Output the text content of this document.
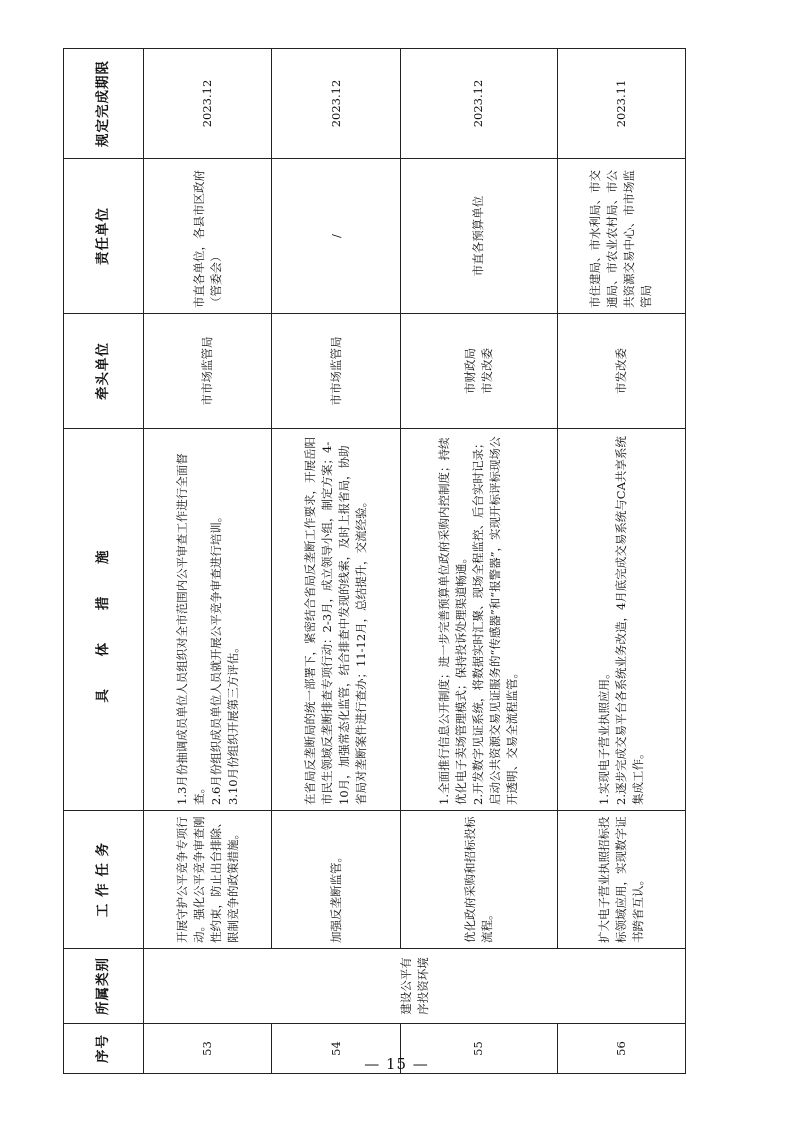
序号	所属类别	工 作 任 务	具 体 措 施	牵头单位	责任单位	规定完成期限
53	建设公平有序投资环境	开展守护公平竞争专项行动。强化公平竞争审查刚性约束，防止出台排除、限制竞争的政策措施。	1.3月份抽调成员单位人员组织对全市范围内公平审查工作进行全面督查。
2.6月份组织成员单位人员就开展公平竞争审查进行培训。
3.10月份组织开展第三方评估。	市市场监管局	市直各单位，各县市区政府（管委会）	2023.12
54		加强反垄断监管。	在省局反垄断局的统一部署下，紧密结合省局反垄断工作要求，开展岳阳市民生领域反垄断排查专项行动：2-3月，成立领导小组，制定方案；4-10月，加强常态化监管，结合排查中发现的线索，及时上报省局，协助省局对垄断案件进行查办；11-12月，总结提升，交流经验。	市市场监管局	/	2023.12
55		优化政府采购和招标投标流程。	1.全面推行信息公开制度；进一步完善预算单位政府采购内控制度；持续优化电子卖场管理模式；保持投诉处理渠道畅通。
2.开发数字见证系统，将数据实时汇聚、现场全程监控、后台实时记录；启动公共资源交易见证服务的“传感器”和“报警器”，实现开标评标现场公开透明、交易全流程监管。	市财政局
市发改委	市直各预算单位	2023.12
56		扩大电子营业执照招标投标领域应用，实现数字证书跨省互认。	1.实现电子营业执照应用。
2.逐步完成交易平台各系统业务改造，4月底完成交易系统与CA共享系统集成工作。	市发改委	市住建局、市水利局、市交通局、市农业农村局、市公共资源交易中心、市市场监管局	2023.11
— 15 —
